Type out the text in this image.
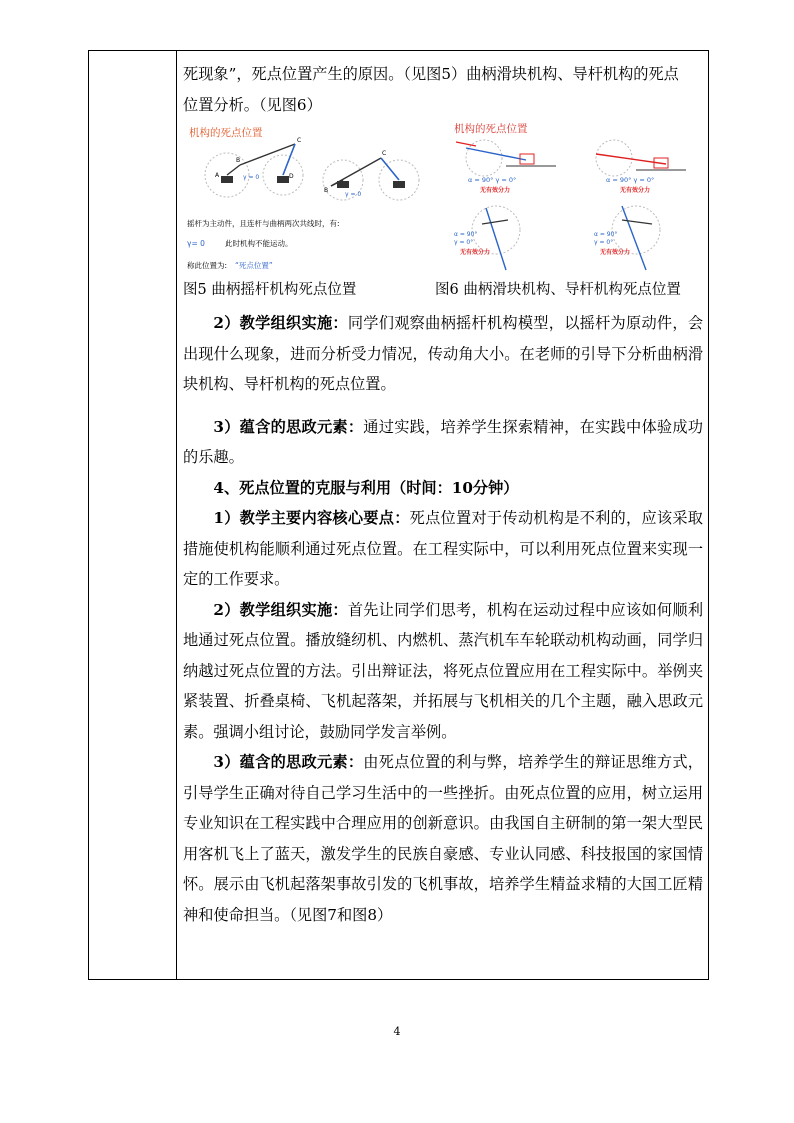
死现象”，死点位置产生的原因。（见图5）曲柄滑块机构、导杆机构的死点

位置分析。（见图6）

机构的死点位置
A
B
C
D
γ = 0
B
C
γ = 0
摇杆为主动件，且连杆与曲柄两次共线时，有:
γ= 0	此时机构不能运动。
称此位置为: “死点位置”
机构的死点位置
α = 90° γ = 0°
无有效分力
α = 90° γ = 0°
无有效分力
α = 90°
γ = 0°
无有效分力
α = 90°
γ = 0°
无有效分力
图5 曲柄摇杆机构死点位置	图6 曲柄滑块机构、导杆机构死点位置

2）教学组织实施：同学们观察曲柄摇杆机构模型，以摇杆为原动件，会出现什么现象，进而分析受力情况，传动角大小。在老师的引导下分析曲柄滑块机构、导杆机构的死点位置。

3）蕴含的思政元素：通过实践，培养学生探索精神，在实践中体验成功的乐趣。

4、死点位置的克服与利用（时间：10分钟）

1）教学主要内容核心要点：死点位置对于传动机构是不利的，应该采取措施使机构能顺利通过死点位置。在工程实际中，可以利用死点位置来实现一定的工作要求。

2）教学组织实施：首先让同学们思考，机构在运动过程中应该如何顺利地通过死点位置。播放缝纫机、内燃机、蒸汽机车车轮联动机构动画，同学归纳越过死点位置的方法。引出辩证法，将死点位置应用在工程实际中。举例夹紧装置、折叠桌椅、飞机起落架，并拓展与飞机相关的几个主题，融入思政元素。强调小组讨论，鼓励同学发言举例。

3）蕴含的思政元素：由死点位置的利与弊，培养学生的辩证思维方式，引导学生正确对待自己学习生活中的一些挫折。由死点位置的应用，树立运用专业知识在工程实践中合理应用的创新意识。由我国自主研制的第一架大型民用客机飞上了蓝天，激发学生的民族自豪感、专业认同感、科技报国的家国情怀。展示由飞机起落架事故引发的飞机事故，培养学生精益求精的大国工匠精神和使命担当。（见图7和图8）

4
